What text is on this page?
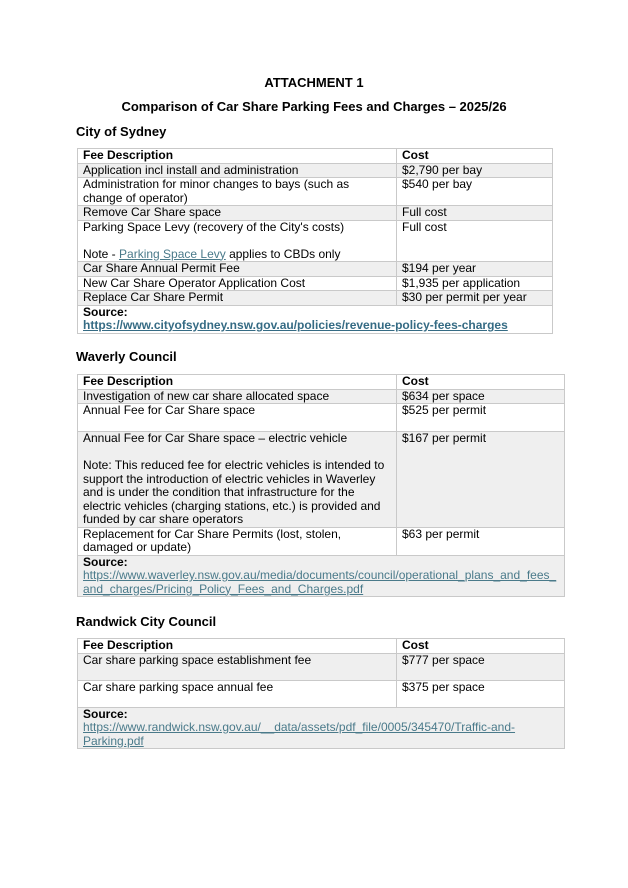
ATTACHMENT 1
Comparison of Car Share Parking Fees and Charges – 2025/26
City of Sydney
Fee Description	Cost
Application incl install and administration	$2,790 per bay
Administration for minor changes to bays (such as change of operator)	$540 per bay
Remove Car Share space	Full cost
Parking Space Levy (recovery of the City's costs)
Note - Parking Space Levy applies to CBDs only	Full cost
Car Share Annual Permit Fee	$194 per year
New Car Share Operator Application Cost	$1,935 per application
Replace Car Share Permit	$30 per permit per year

Source:
https://www.cityofsydney.nsw.gov.au/policies/revenue-policy-fees-charges	
Waverly Council
Fee Description	Cost
Investigation of new car share allocated space	$634 per space
Annual Fee for Car Share space	$525 per permit
Annual Fee for Car Share space – electric vehicle
Note: This reduced fee for electric vehicles is intended to support the introduction of electric vehicles in Waverley and is under the condition that infrastructure for the electric vehicles (charging stations, etc.) is provided and funded by car share operators	$167 per permit
Replacement for Car Share Permits (lost, stolen, damaged or update)	$63 per permit

Source:
https://www.waverley.nsw.gov.au/media/documents/council/operational_plans_and_fees_and_charges/Pricing_Policy_Fees_and_Charges.pdf	
Randwick City Council
Fee Description	Cost
Car share parking space establishment fee	$777 per space
Car share parking space annual fee	$375 per space

Source:
https://www.randwick.nsw.gov.au/__data/assets/pdf_file/0005/345470/Traffic-and-Parking.pdf	
